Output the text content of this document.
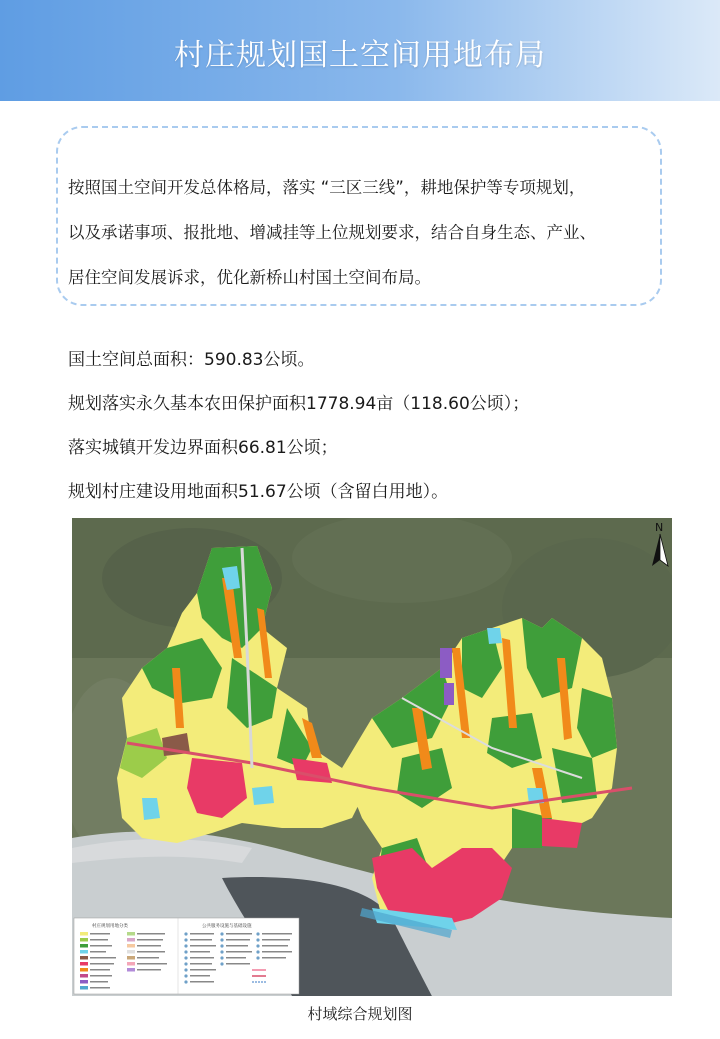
村庄规划国土空间用地布局
按照国土空间开发总体格局，落实 “三区三线”，耕地保护等专项规划，
以及承诺事项、报批地、增减挂等上位规划要求，结合自身生态、产业、
居住空间发展诉求，优化新桥山村国土空间布局。
国土空间总面积：590.83公顷。
规划落实永久基本农田保护面积1778.94亩（118.60公顷）；
落实城镇开发边界面积66.81公顷；
规划村庄建设用地面积51.67公顷（含留白用地）。
N
村庄规划用地分类	公共服务设施与基础设施
村域综合规划图
